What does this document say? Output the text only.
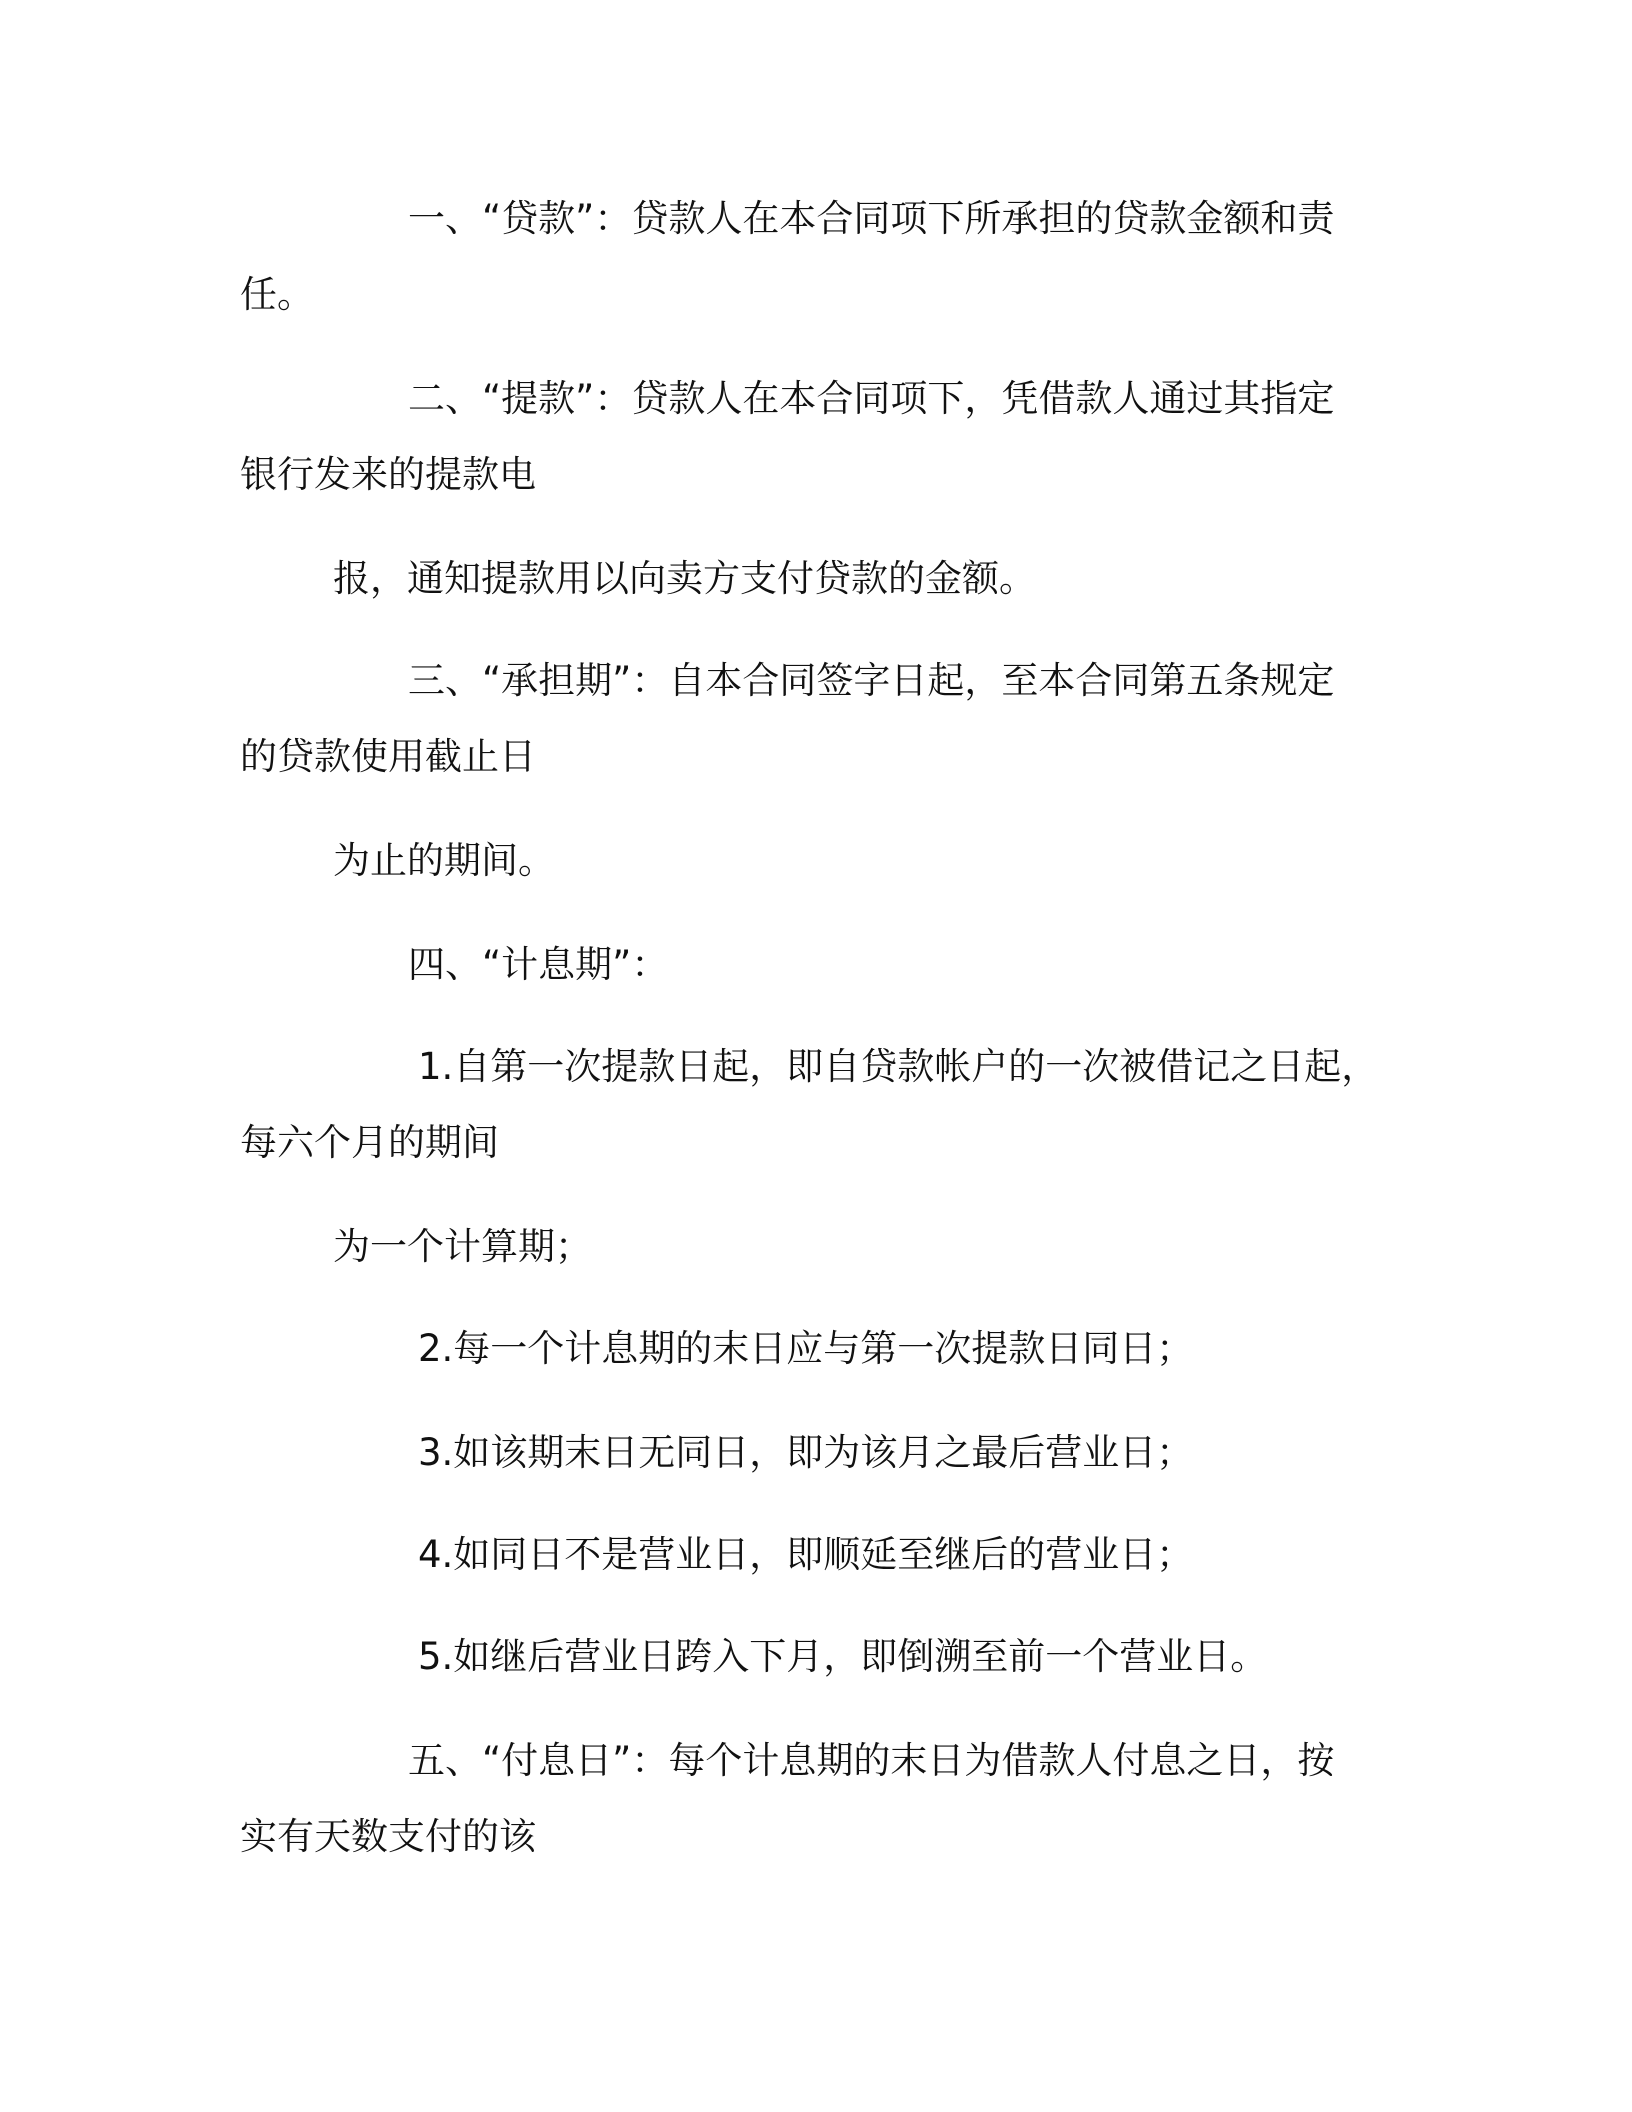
一、“贷款”：贷款人在本合同项下所承担的贷款金额和责
任。
二、“提款”：贷款人在本合同项下，凭借款人通过其指定
银行发来的提款电
报，通知提款用以向卖方支付贷款的金额。
三、“承担期”：自本合同签字日起，至本合同第五条规定
的贷款使用截止日
为止的期间。
四、“计息期”：
1.自第一次提款日起，即自贷款帐户的一次被借记之日起，
每六个月的期间
为一个计算期；
2.每一个计息期的末日应与第一次提款日同日；
3.如该期末日无同日，即为该月之最后营业日；
4.如同日不是营业日，即顺延至继后的营业日；
5.如继后营业日跨入下月，即倒溯至前一个营业日。
五、“付息日”：每个计息期的末日为借款人付息之日，按
实有天数支付的该
